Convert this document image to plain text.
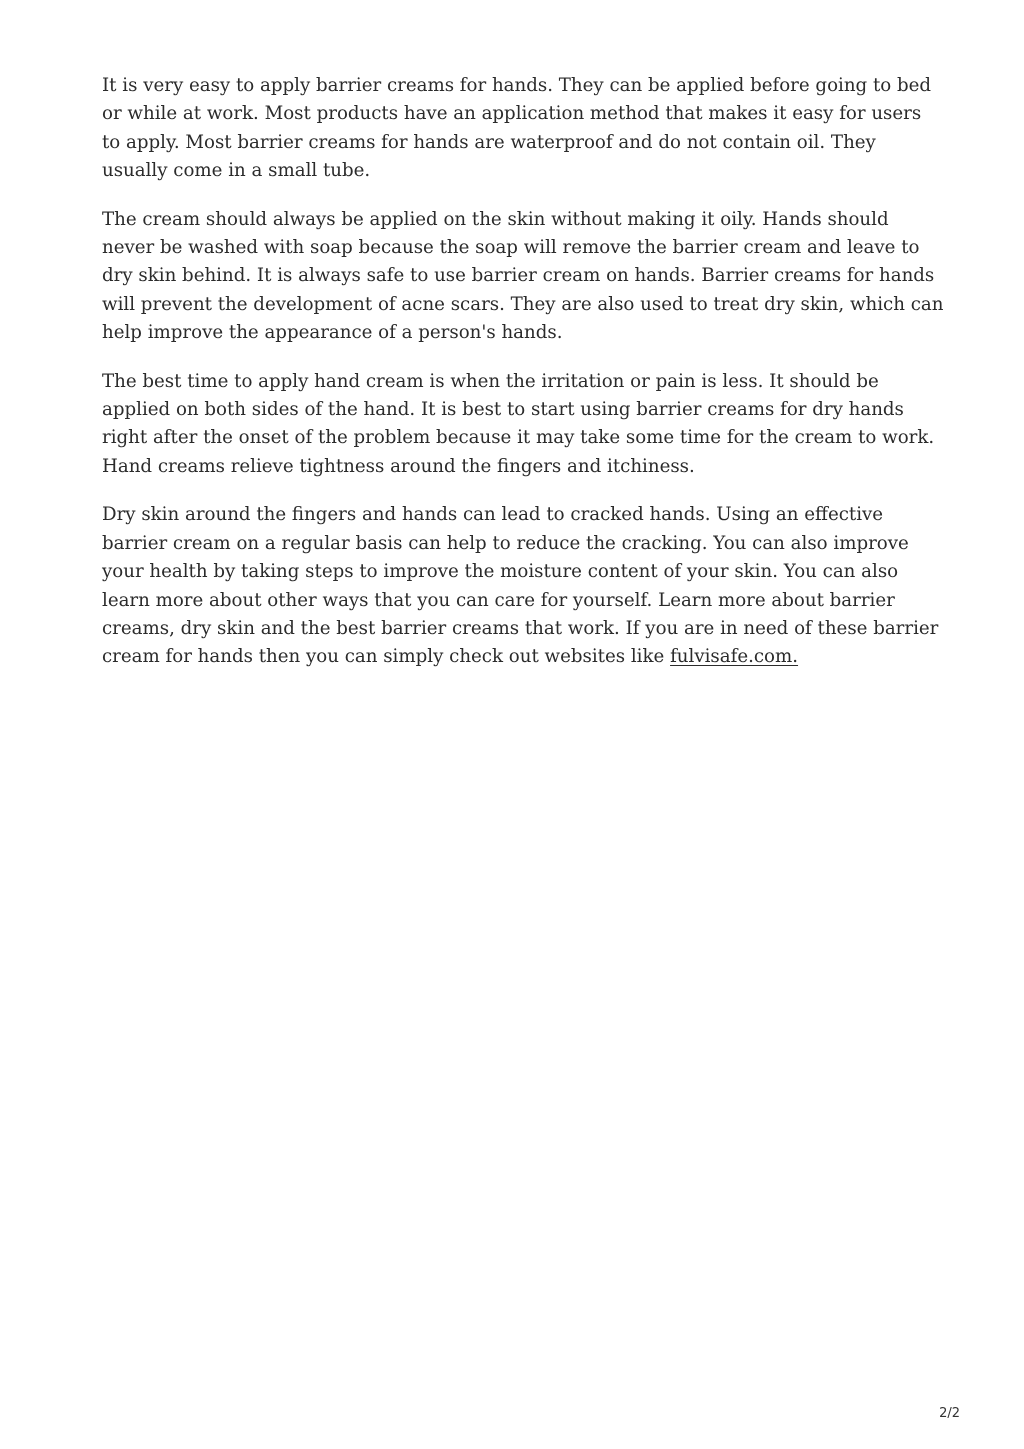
It is very easy to apply barrier creams for hands. They can be applied before going to bed
or while at work. Most products have an application method that makes it easy for users
to apply. Most barrier creams for hands are waterproof and do not contain oil. They
usually come in a small tube.

The cream should always be applied on the skin without making it oily. Hands should
never be washed with soap because the soap will remove the barrier cream and leave to
dry skin behind. It is always safe to use barrier cream on hands. Barrier creams for hands
will prevent the development of acne scars. They are also used to treat dry skin, which can
help improve the appearance of a person's hands.

The best time to apply hand cream is when the irritation or pain is less. It should be
applied on both sides of the hand. It is best to start using barrier creams for dry hands
right after the onset of the problem because it may take some time for the cream to work.
Hand creams relieve tightness around the fingers and itchiness.

Dry skin around the fingers and hands can lead to cracked hands. Using an effective
barrier cream on a regular basis can help to reduce the cracking. You can also improve
your health by taking steps to improve the moisture content of your skin. You can also
learn more about other ways that you can care for yourself. Learn more about barrier
creams, dry skin and the best barrier creams that work. If you are in need of these barrier
cream for hands then you can simply check out websites like fulvisafe.com.

2/2
